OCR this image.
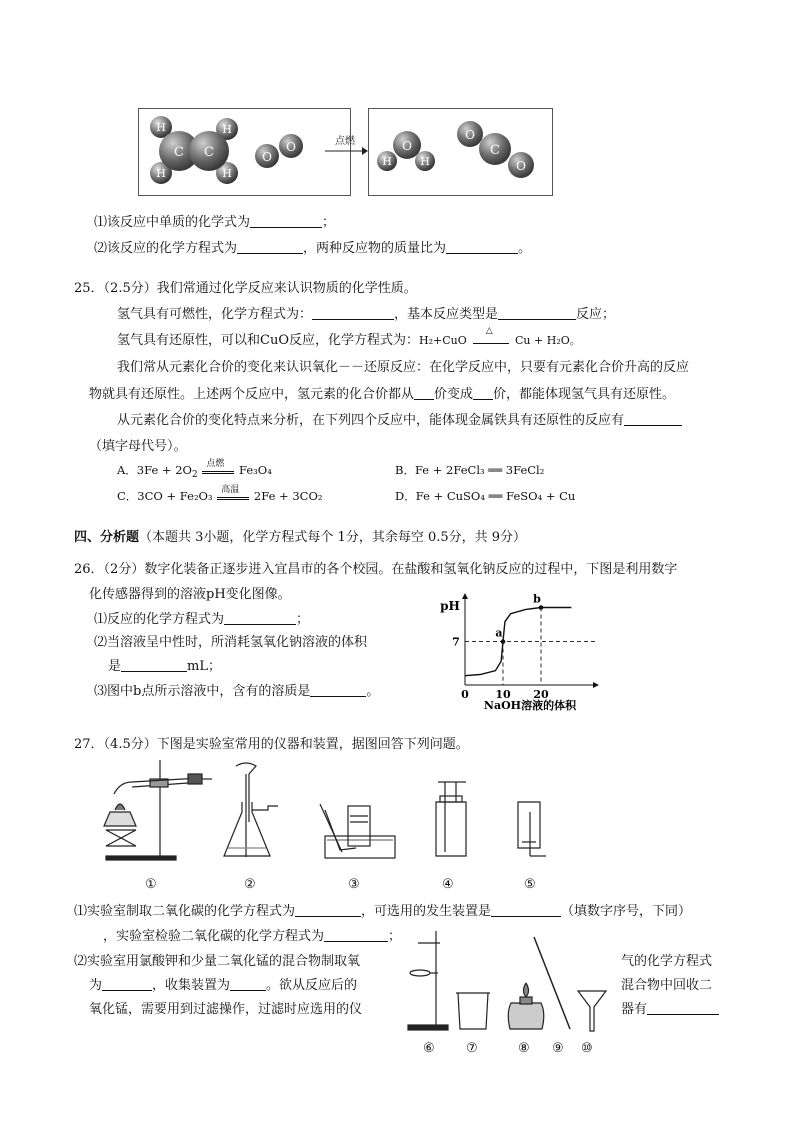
H
H
H
H
C C	O
O	点燃
H	H
O
O
C
O
⑴该反应中单质的化学式为	；
⑵该反应的化学方程式为	，两种反应物的质量比为	。
25．（2.5分）我们常通过化学反应来认识物质的化学性质。
氢气具有可燃性，化学方程式为：	，基本反应类型是	反应；
氢气具有还原性，可以和CuO反应，化学方程式为：H₂+CuO
△
Cu + H₂O。
我们常从元素化合价的变化来认识氧化－－还原反应：在化学反应中，只要有元素化合价升高的反应
物就具有还原性。上述两个反应中，氢元素的化合价都从 价变成 价，都能体现氢气具有还原性。
从元素化合价的变化特点来分析，在下列四个反应中，能体现金属铁具有还原性的反应有
（填字母代号）。
A．$3Fe + 2O_2$
点燃 Fe₃O₄	B．Fe + 2FeCl₃ ══ 3FeCl₂
C．3CO + Fe₂O₃ 高温 2Fe + 3CO₂	D．Fe + CuSO₄ ══ FeSO₄ + Cu
四、分析题（本题共 3小题，化学方程式每个 1分，其余每空 0.5分，共 9分）
26．（2分）数字化装备正逐步进入宜昌市的各个校园。在盐酸和氢氧化钠反应的过程中，下图是利用数字
化传感器得到的溶液pH变化图像。
⑴反应的化学方程式为	；
⑵当溶液呈中性时，所消耗氢氧化钠溶液的体积
是	mL；
⑶图中b点所示溶液中，含有的溶质是	。
pH
NaOH溶液的体积
0 10 20
7
a
b
27．（4.5分）下图是实验室常用的仪器和装置，据图回答下列问题。
①	②	③	④	⑤
⑴实验室制取二氧化碳的化学方程式为	，可选用的发生装置是	（填数字序号，下同）
，实验室检验二氧化碳的化学方程式为	；
⑵实验室用氯酸钾和少量二氧化锰的混合物制取氧	气的化学方程式
为	，收集装置为	。欲从反应后的	混合物中回收二
氧化锰，需要用到过滤操作，过滤时应选用的仪	器有
⑥ ⑦	⑧ ⑨ ⑩
